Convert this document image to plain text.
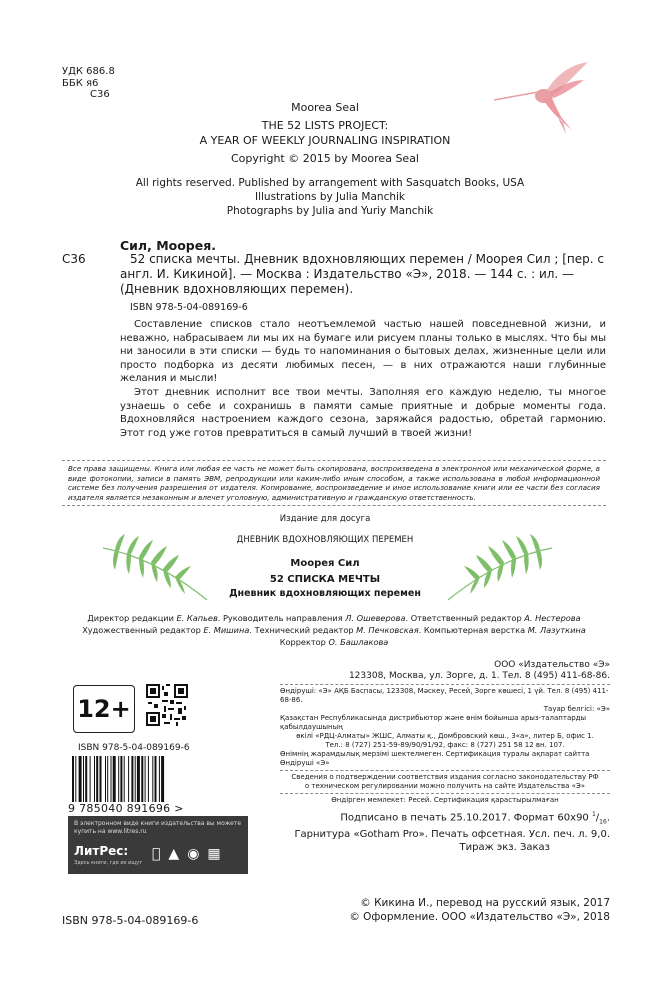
УДК 686.8
ББК я6
С36
Moorea Seal
THE 52 LISTS PROJECT:
A YEAR OF WEEKLY JOURNALING INSPIRATION
Copyright © 2015 by Moorea Seal
All rights reserved. Published by arrangement with Sasquatch Books, USA
Illustrations by Julia Manchik
Photographs by Julia and Yuriy Manchik
Сил, Моорея.
С36	52 списка мечты. Дневник вдохновляющих перемен / Моорея Сил ; [пер. с англ. И. Кикиной]. — Москва : Издательство «Э», 2018. — 144 с. : ил. — (Дневник вдохновляющих перемен).
ISBN 978-5-04-089169-6

Составление списков стало неотъемлемой частью нашей повседневной жизни, и неважно, набрасываем ли мы их на бумаге или рисуем планы только в мыслях. Что бы мы ни заносили в эти списки — будь то напоминания о бытовых делах, жизненные цели или просто подборка из десяти любимых песен, — в них отражаются наши глубинные желания и мысли!

Этот дневник исполнит все твои мечты. Заполняя его каждую неделю, ты многое узнаешь о себе и сохранишь в памяти самые приятные и добрые моменты года. Вдохновляйся настроением каждого сезона, заряжайся радостью, обретай гармонию. Этот год уже готов превратиться в самый лучший в твоей жизни!

Все права защищены. Книга или любая ее часть не может быть скопирована, воспроизведена в электронной или механической форме, в виде фотокопии, записи в память ЭВМ, репродукции или каким-либо иным способом, а также использована в любой информационной системе без получения разрешения от издателя. Копирование, воспроизведение и иное использование книги или ее части без согласия издателя является незаконным и влечет уголовную, административную и гражданскую ответственность.
Издание для досуга
ДНЕВНИК ВДОХНОВЛЯЮЩИХ ПЕРЕМЕН
Моорея Сил
52 СПИСКА МЕЧТЫ
Дневник вдохновляющих перемен
Директор редакции Е. Капьев. Руководитель направления Л. Ошеверова. Ответственный редактор А. Нестерова
Художественный редактор Е. Мишина. Технический редактор М. Печковская. Компьютерная верстка М. Лазуткина
Корректор О. Башлакова
12+
ISBN 978-5-04-089169-6
9 785040 891696 >
В электронном виде книги издательства вы можете
купить на www.litres.ru
ЛитРес:
Здесь книги, где их ищут
▲ ◉ ▦
ООО «Издательство «Э»
123308, Москва, ул. Зорге, д. 1. Тел. 8 (495) 411-68-86.
Өндіруші: «Э» АҚБ Баспасы, 123308, Мәскеу, Ресей, Зорге көшесі, 1 үй. Тел. 8 (495) 411-68-86.
Тауар белгісі: «Э»
Қазақстан Республикасында дистрибьютор және өнім бойынша арыз-талаптарды қабылдаушының
өкілі «РДЦ-Алматы» ЖШС, Алматы қ., Домбровский көш., 3«а», литер Б, офис 1.
Тел.: 8 (727) 251-59-89/90/91/92, факс: 8 (727) 251 58 12 вн. 107.
Өнімнің жарамдылық мерзімі шектелмеген. Сертификация туралы ақпарат сайтта Өндіруші «Э»
Сведения о подтверждении соответствия издания согласно законодательству РФ
о техническом регулировании можно получить на сайте Издательства «Э»
Өндірген мемлекет: Ресей. Сертификация қарастырылмаған
Подписано в печать 25.10.2017. Формат 60х90 $^1/_{16}$.
Гарнитура «Gotham Pro». Печать офсетная. Усл. печ. л. 9,0.
Тираж экз. Заказ
© Кикина И., перевод на русский язык, 2017
© Оформление. ООО «Издательство «Э», 2018
ISBN 978-5-04-089169-6
